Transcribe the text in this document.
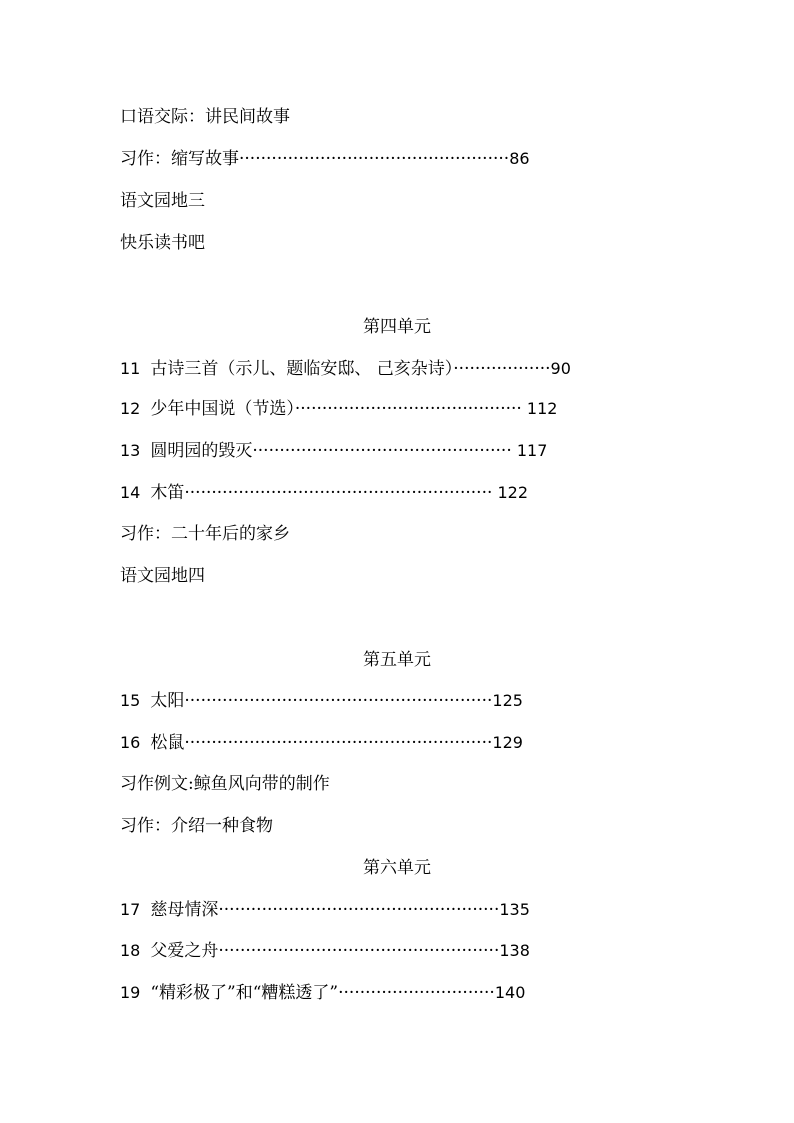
口语交际：讲民间故事
习作：缩写故事··················································86
语文园地三
快乐读书吧
第四单元
11 古诗三首（示儿、题临安邸、 己亥杂诗）··················90
12 少年中国说（节选）·········································· 112
13 圆明园的毁灭················································ 117
14 木笛························································· 122
习作：二十年后的家乡
语文园地四
第五单元
15 太阳·························································125
16 松鼠·························································129
习作例文:鲸鱼风向带的制作
习作：介绍一种食物
第六单元
17 慈母情深····················································135
18 父爱之舟····················································138
19 “精彩极了”和“糟糕透了”·····························140
